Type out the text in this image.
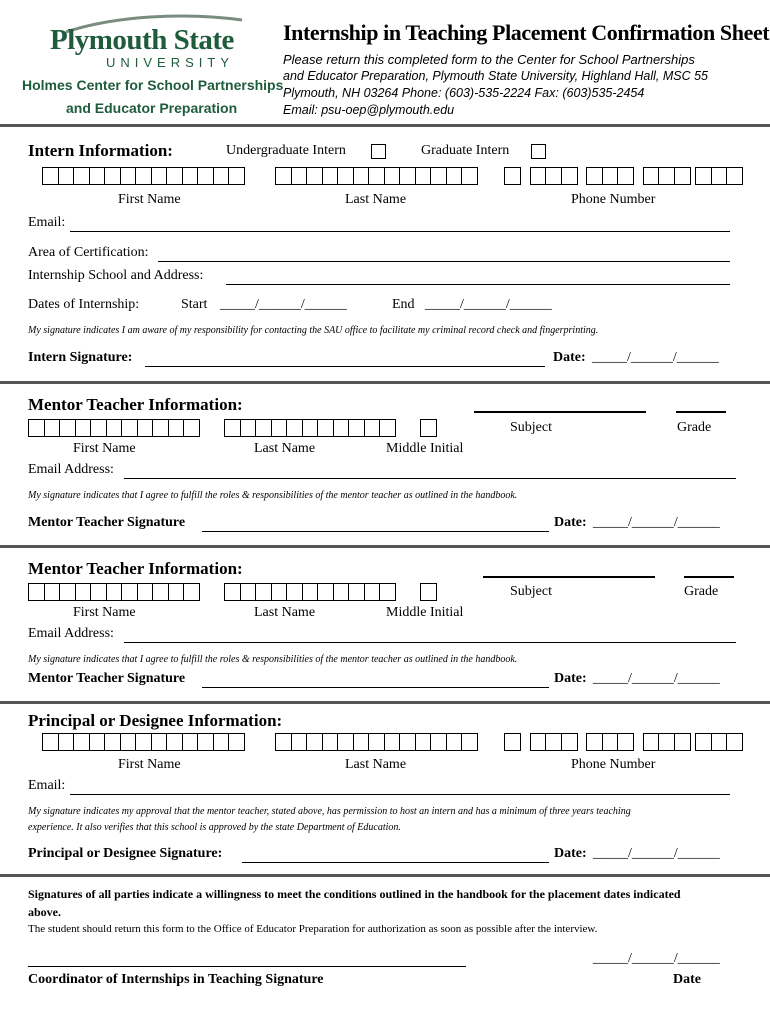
Plymouth State
UNIVERSITY
Holmes Center for School Partnerships
and Educator Preparation
Internship in Teaching Placement Confirmation Sheet
Please return this completed form to the Center for School Partnerships
and Educator Preparation, Plymouth State University, Highland Hall, MSC 55
Plymouth, NH 03264 Phone: (603)-535-2224 Fax: (603)535-2454
Email: psu-oep@plymouth.edu
Intern Information:	Undergraduate Intern	Graduate Intern
First Name	Last Name	Phone Number
Email:
Area of Certification:
Internship School and Address:
Dates of Internship:	Start _____/______/______	End _____/______/______
My signature indicates I am aware of my responsibility for contacting the SAU office to facilitate my criminal record check and fingerprinting.
Intern Signature:	Date: _____/______/______
Mentor Teacher Information:
Subject	Grade
First Name	Last Name	Middle Initial
Email Address:
My signature indicates that I agree to fulfill the roles & responsibilities of the mentor teacher as outlined in the handbook.
Mentor Teacher Signature	Date: _____/______/______
Mentor Teacher Information:
Subject	Grade
First Name	Last Name	Middle Initial
Email Address:
My signature indicates that I agree to fulfill the roles & responsibilities of the mentor teacher as outlined in the handbook.
Mentor Teacher Signature	Date: _____/______/______
Principal or Designee Information:
First Name	Last Name	Phone Number
Email:
My signature indicates my approval that the mentor teacher, stated above, has permission to host an intern and has a minimum of three years teaching
experience. It also verifies that this school is approved by the state Department of Education.
Principal or Designee Signature:	Date: _____/______/______
Signatures of all parties indicate a willingness to meet the conditions outlined in the handbook for the placement dates indicated
above.
The student should return this form to the Office of Educator Preparation for authorization as soon as possible after the interview.
_____/______/______
Coordinator of Internships in Teaching Signature	Date
